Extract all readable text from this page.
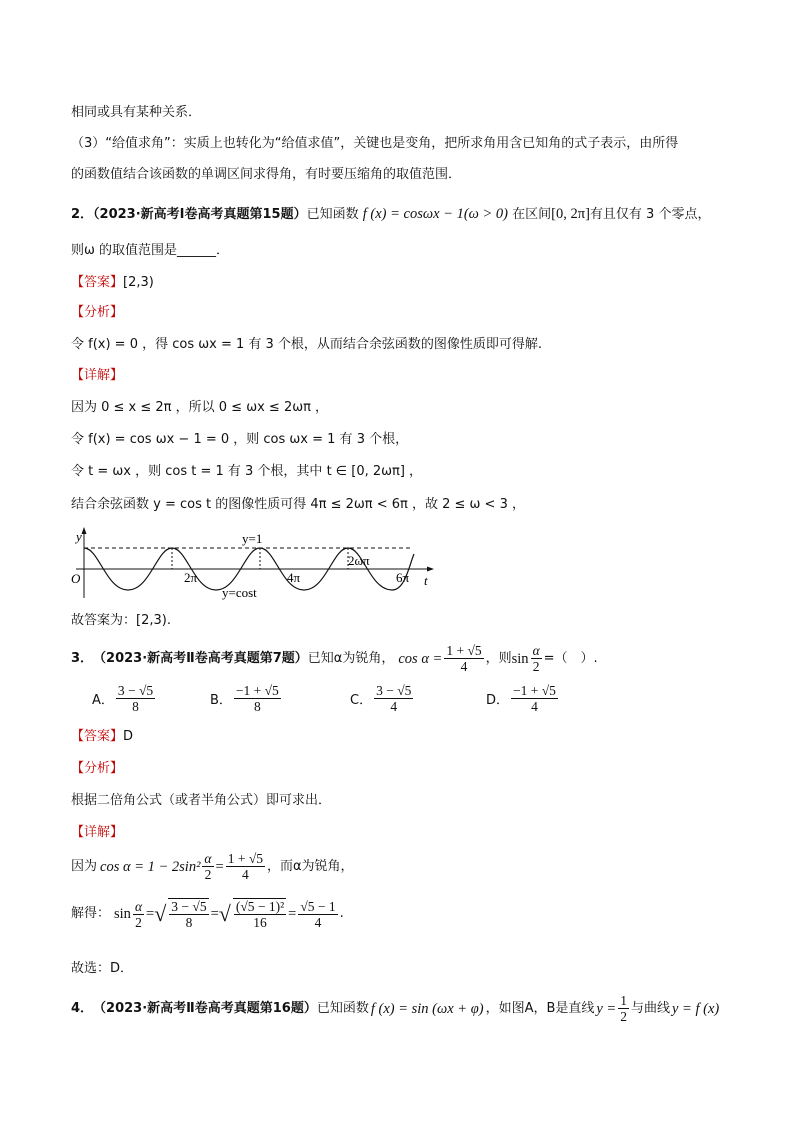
相同或具有某种关系．
（3）“给值求角”：实质上也转化为“给值求值”，关键也是变角，把所求角用含已知角的式子表示，由所得
的函数值结合该函数的单调区间求得角，有时要压缩角的取值范围．
2．（2023·新高考Ⅰ卷高考真题第15题）已知函数 f (x) = cosωx − 1(ω > 0) 在区间[0, 2π]有且仅有 3 个零点，
则ω 的取值范围是______．
【答案】[2,3)
【分析】
令 f(x) = 0 ，得 cos ωx = 1 有 3 个根，从而结合余弦函数的图像性质即可得解.
【详解】
因为 0 ≤ x ≤ 2π ，所以 0 ≤ ωx ≤ 2ωπ ，
令 f(x) = cos ωx − 1 = 0 ，则 cos ωx = 1 有 3 个根，
令 t = ωx ，则 cos t = 1 有 3 个根，其中 t ∈ [0, 2ωπ] ，
结合余弦函数 y = cos t 的图像性质可得 4π ≤ 2ωπ < 6π ，故 2 ≤ ω < 3 ，
y
t
O
y=1
y=cost
2π	4π
2ωπ
6π
故答案为：[2,3).
3． （2023·新高考Ⅱ卷高考真题第7题） 已知α为锐角， $\cos \alpha = \frac{1 + √5}{4}$ ，则 $\sin \frac{\alpha}{2}$ =（　）.
A． $\frac{3 - √5}{8}$	B． $\frac{-1 + √5}{8}$	C． $\frac{3 - √5}{4}$	D． $\frac{-1 + √5}{4}$
【答案】D
【分析】
根据二倍角公式（或者半角公式）即可求出．
【详解】
因为 $\cos \alpha = 1 - 2\sin^2 \frac{\alpha}{2} = \frac{1 + √5}{4}$ ，而α为锐角，
解得： $\sin \frac{\alpha}{2}$ = √ $\frac{3 - √5}{8}$ = √ $\frac{\text{(√5 − 1)²}}{16} = \frac{√5 - 1}{4}$ .
故选：D．
4． （2023·新高考Ⅱ卷高考真题第16题） 已知函数 f (x) = sin (ωx + φ) ，如图A，B是直线 $y = \frac{1}{2}$ 与曲线 y = f (x)
